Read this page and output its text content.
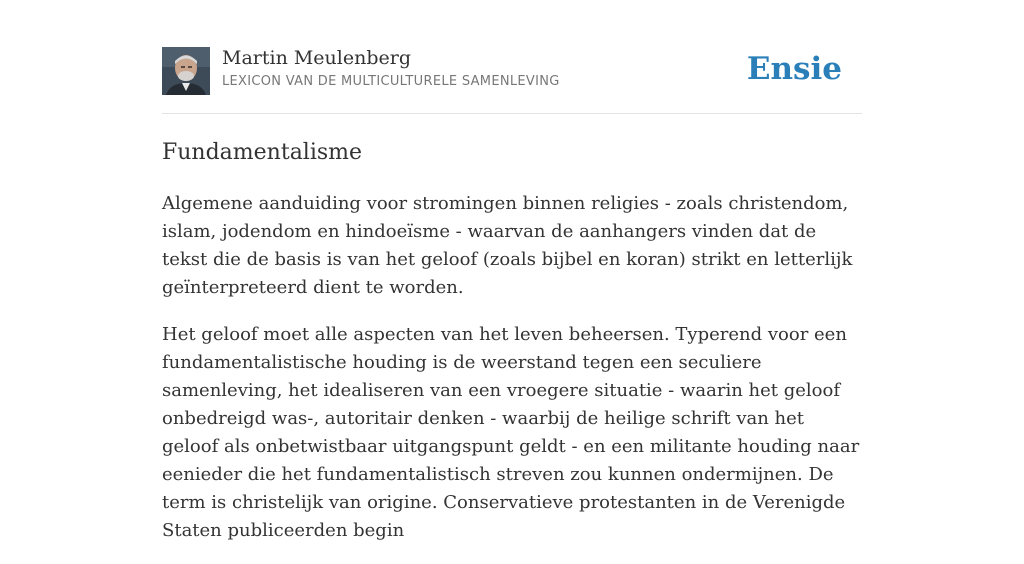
Martin Meulenberg
LEXICON VAN DE MULTICULTURELE SAMENLEVING	Ensie
Fundamentalisme

Algemene aanduiding voor stromingen binnen religies - zoals christendom, islam, jodendom en hindoeïsme - waarvan de aanhangers vinden dat de tekst die de basis is van het geloof (zoals bijbel en koran) strikt en letterlijk geïnterpreteerd dient te worden.

Het geloof moet alle aspecten van het leven beheersen. Typerend voor een fundamentalistische houding is de weerstand tegen een seculiere samenleving, het idealiseren van een vroegere situatie - waarin het geloof onbedreigd was-, autoritair denken - waarbij de heilige schrift van het geloof als onbetwistbaar uitgangspunt geldt - en een militante houding naar eenieder die het fundamentalistisch streven zou kunnen ondermijnen. De term is christelijk van origine. Conservatieve protestanten in de Verenigde Staten publiceerden begin
